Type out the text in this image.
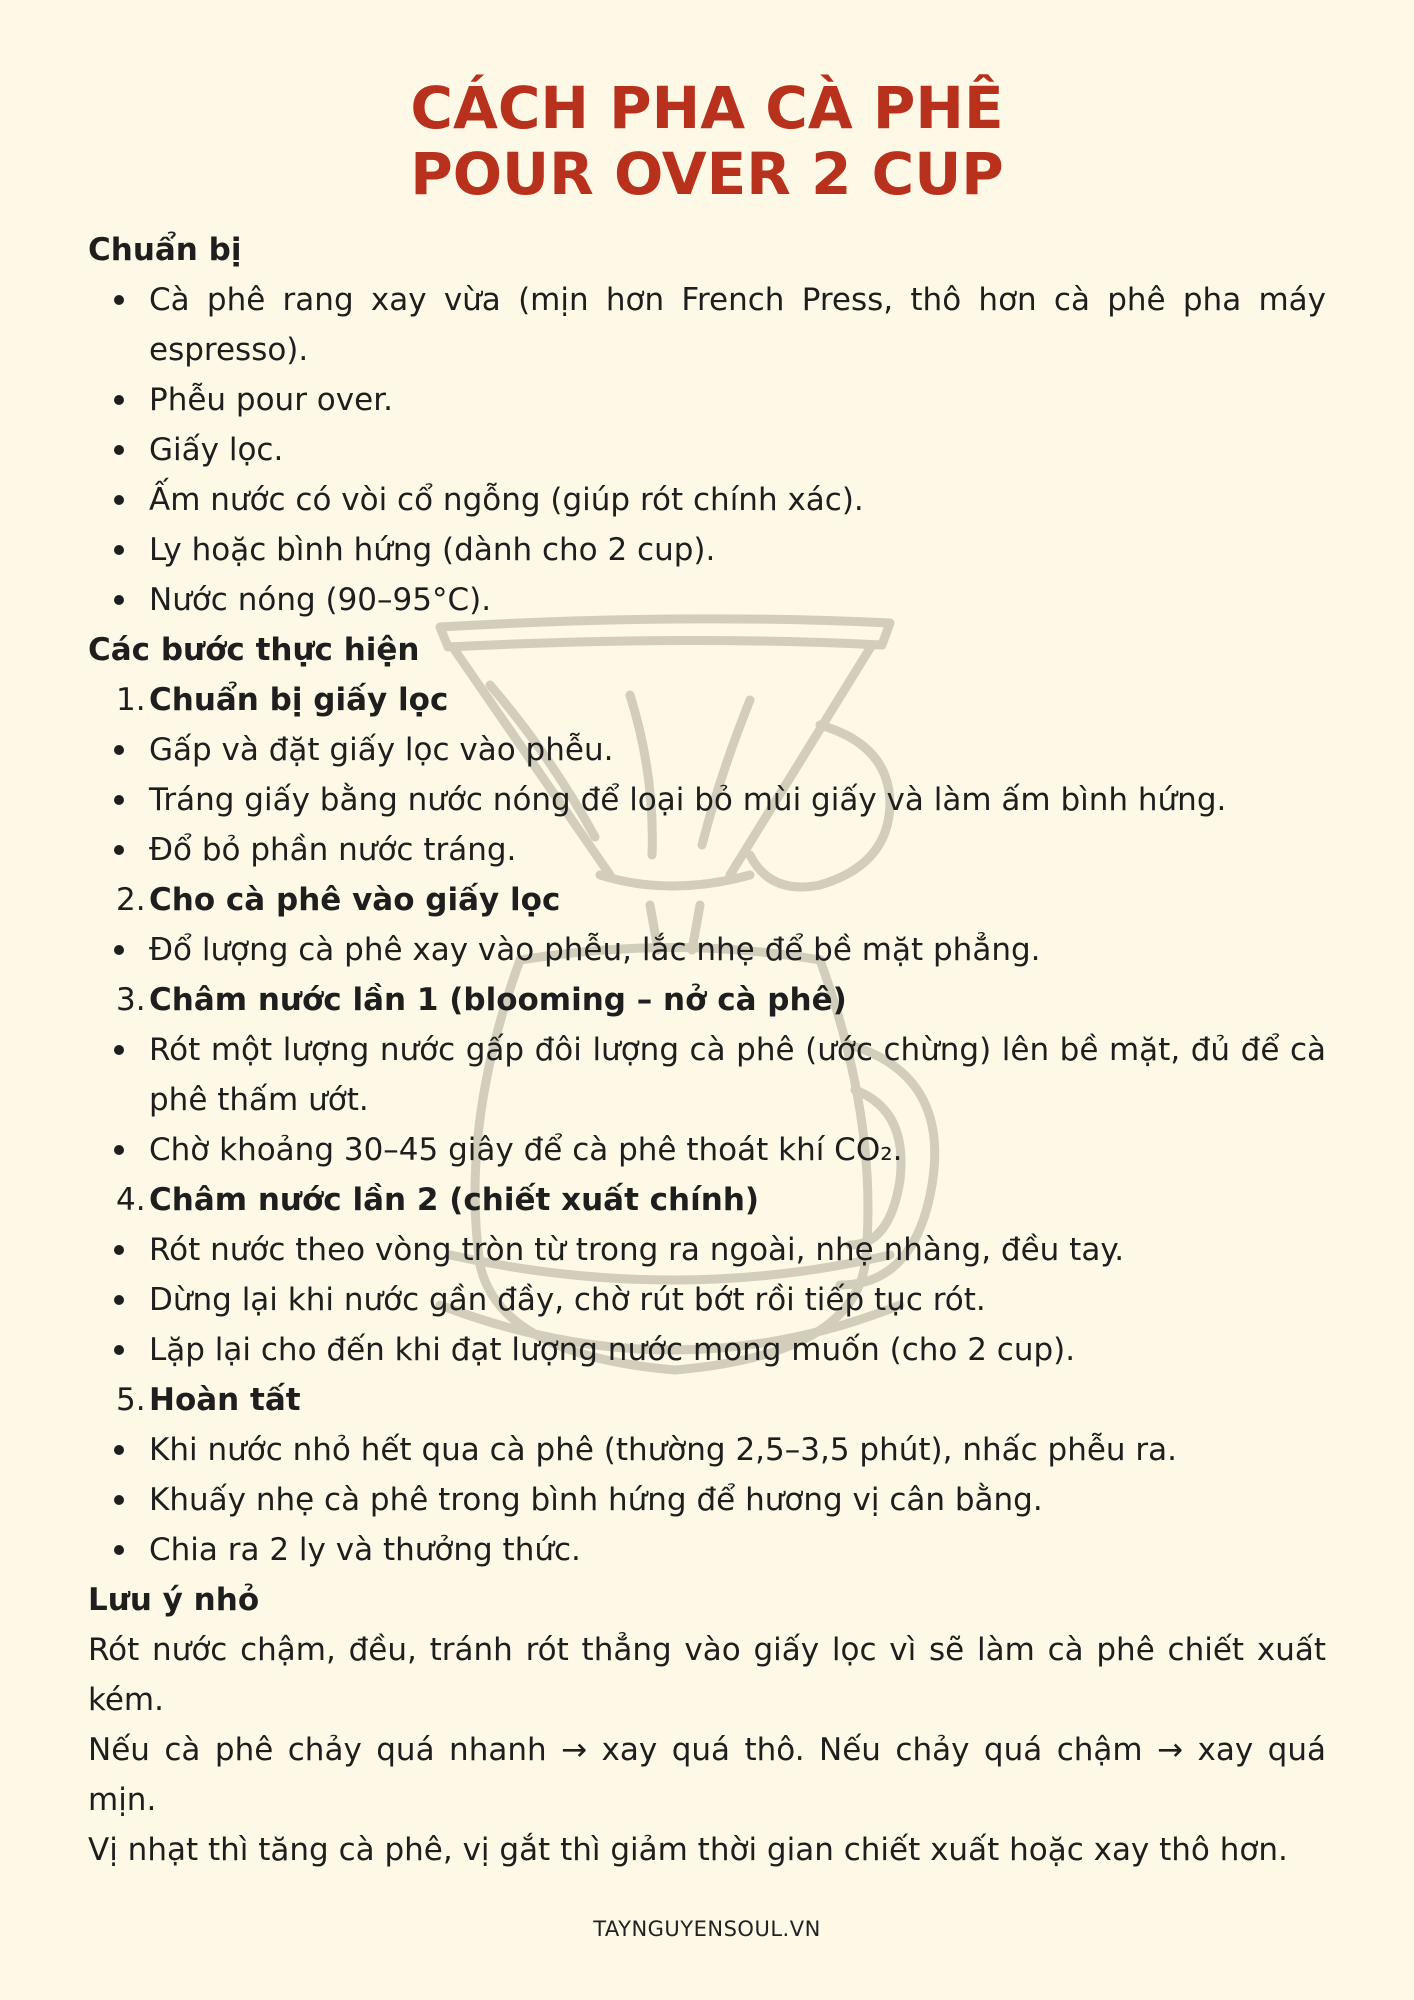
CÁCH PHA CÀ PHÊ
POUR OVER 2 CUP

Chuẩn bị

Cà phê rang xay vừa (mịn hơn French Press, thô hơn cà phê pha máy espresso).
Phễu pour over.
Giấy lọc.
Ấm nước có vòi cổ ngỗng (giúp rót chính xác).
Ly hoặc bình hứng (dành cho 2 cup).
Nước nóng (90–95°C).

Các bước thực hiện

1. Chuẩn bị giấy lọc

Gấp và đặt giấy lọc vào phễu.
Tráng giấy bằng nước nóng để loại bỏ mùi giấy và làm ấm bình hứng.
Đổ bỏ phần nước tráng.

2. Cho cà phê vào giấy lọc

Đổ lượng cà phê xay vào phễu, lắc nhẹ để bề mặt phẳng.

3. Châm nước lần 1 (blooming – nở cà phê)

Rót một lượng nước gấp đôi lượng cà phê (ước chừng) lên bề mặt, đủ để cà phê thấm ướt.
Chờ khoảng 30–45 giây để cà phê thoát khí CO₂.

4. Châm nước lần 2 (chiết xuất chính)

Rót nước theo vòng tròn từ trong ra ngoài, nhẹ nhàng, đều tay.
Dừng lại khi nước gần đầy, chờ rút bớt rồi tiếp tục rót.
Lặp lại cho đến khi đạt lượng nước mong muốn (cho 2 cup).

5. Hoàn tất

Khi nước nhỏ hết qua cà phê (thường 2,5–3,5 phút), nhấc phễu ra.
Khuấy nhẹ cà phê trong bình hứng để hương vị cân bằng.
Chia ra 2 ly và thưởng thức.

Lưu ý nhỏ

Rót nước chậm, đều, tránh rót thẳng vào giấy lọc vì sẽ làm cà phê chiết xuất kém.

Nếu cà phê chảy quá nhanh → xay quá thô. Nếu chảy quá chậm → xay quá mịn.

Vị nhạt thì tăng cà phê, vị gắt thì giảm thời gian chiết xuất hoặc xay thô hơn.

TAYNGUYENSOUL.VN
